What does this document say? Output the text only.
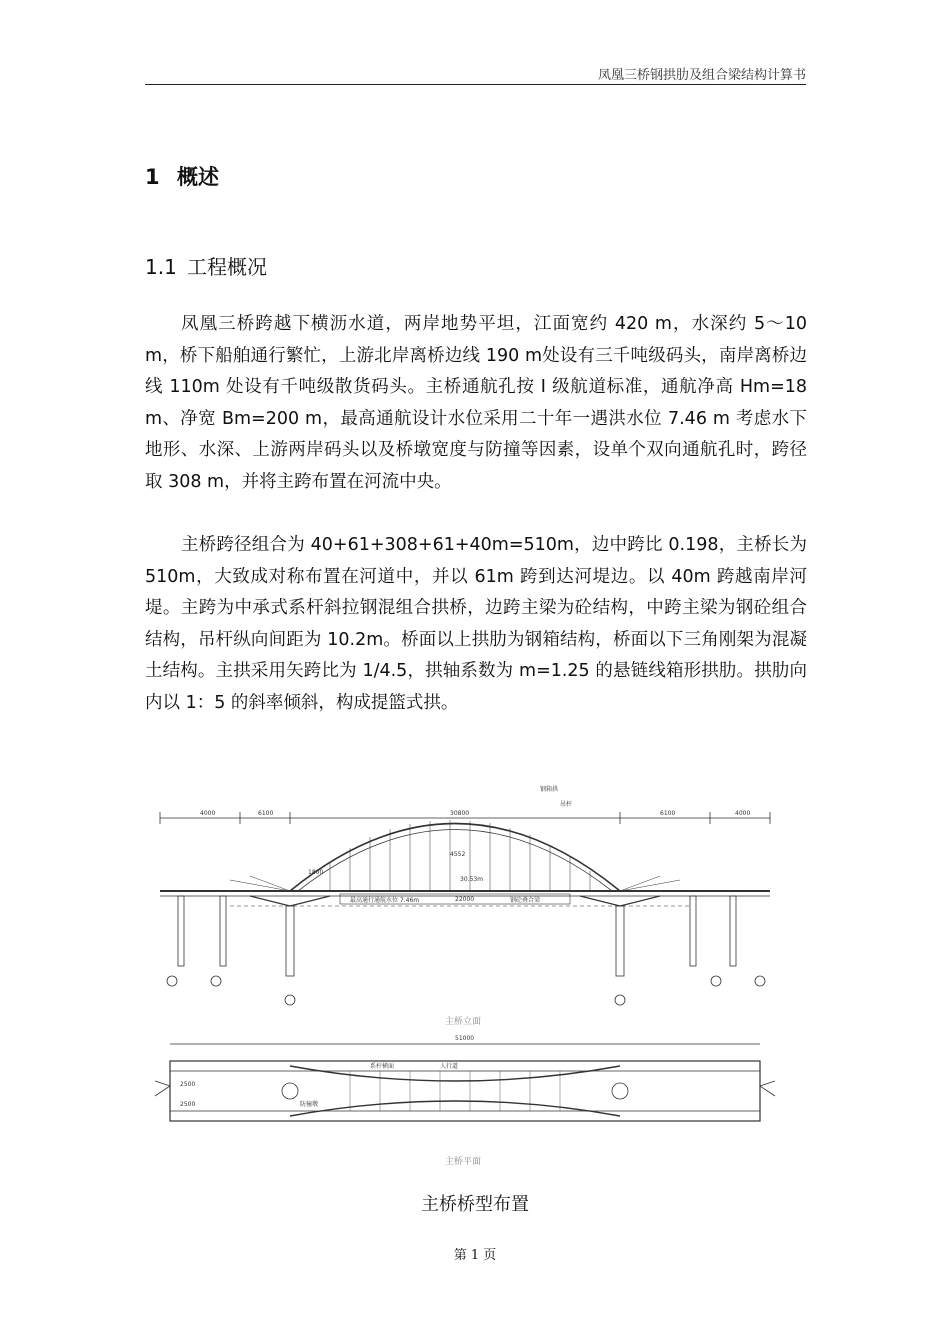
凤凰三桥钢拱肋及组合梁结构计算书
1 概述
1.1 工程概况

凤凰三桥跨越下横沥水道，两岸地势平坦，江面宽约 420 m，水深约 5～10 m，桥下船舶通行繁忙，上游北岸离桥边线 190 m处设有三千吨级码头，南岸离桥边线 110m 处设有千吨级散货码头。主桥通航孔按 I 级航道标准，通航净高 Hm=18 m、净宽 Bm=200 m，最高通航设计水位采用二十年一遇洪水位 7.46 m 考虑水下地形、水深、上游两岸码头以及桥墩宽度与防撞等因素，设单个双向通航孔时，跨径取 308 m，并将主跨布置在河流中央。

主桥跨径组合为 40+61+308+61+40m=510m，边中跨比 0.198，主桥长为 510m，大致成对称布置在河道中，并以 61m 跨到达河堤边。以 40m 跨越南岸河堤。主跨为中承式系杆斜拉钢混组合拱桥，边跨主梁为砼结构，中跨主梁为钢砼组合结构，吊杆纵向间距为 10.2m。桥面以上拱肋为钢箱结构，桥面以下三角刚架为混凝土结构。主拱采用矢跨比为 1/4.5，拱轴系数为 m=1.25 的悬链线箱形拱肋。拱肋向内以 1：5 的斜率倾斜，构成提篮式拱。

4000	6100	30800	6100	4000
4552
1800
钢箱拱
吊杆
30.53m
22000
最高通行通航水位 7.46m	钢砼叠合梁
主桥立面
51000
系杆横面	人行道
防撞墩
2500
2500
主桥平面
主桥桥型布置
第 1 页
